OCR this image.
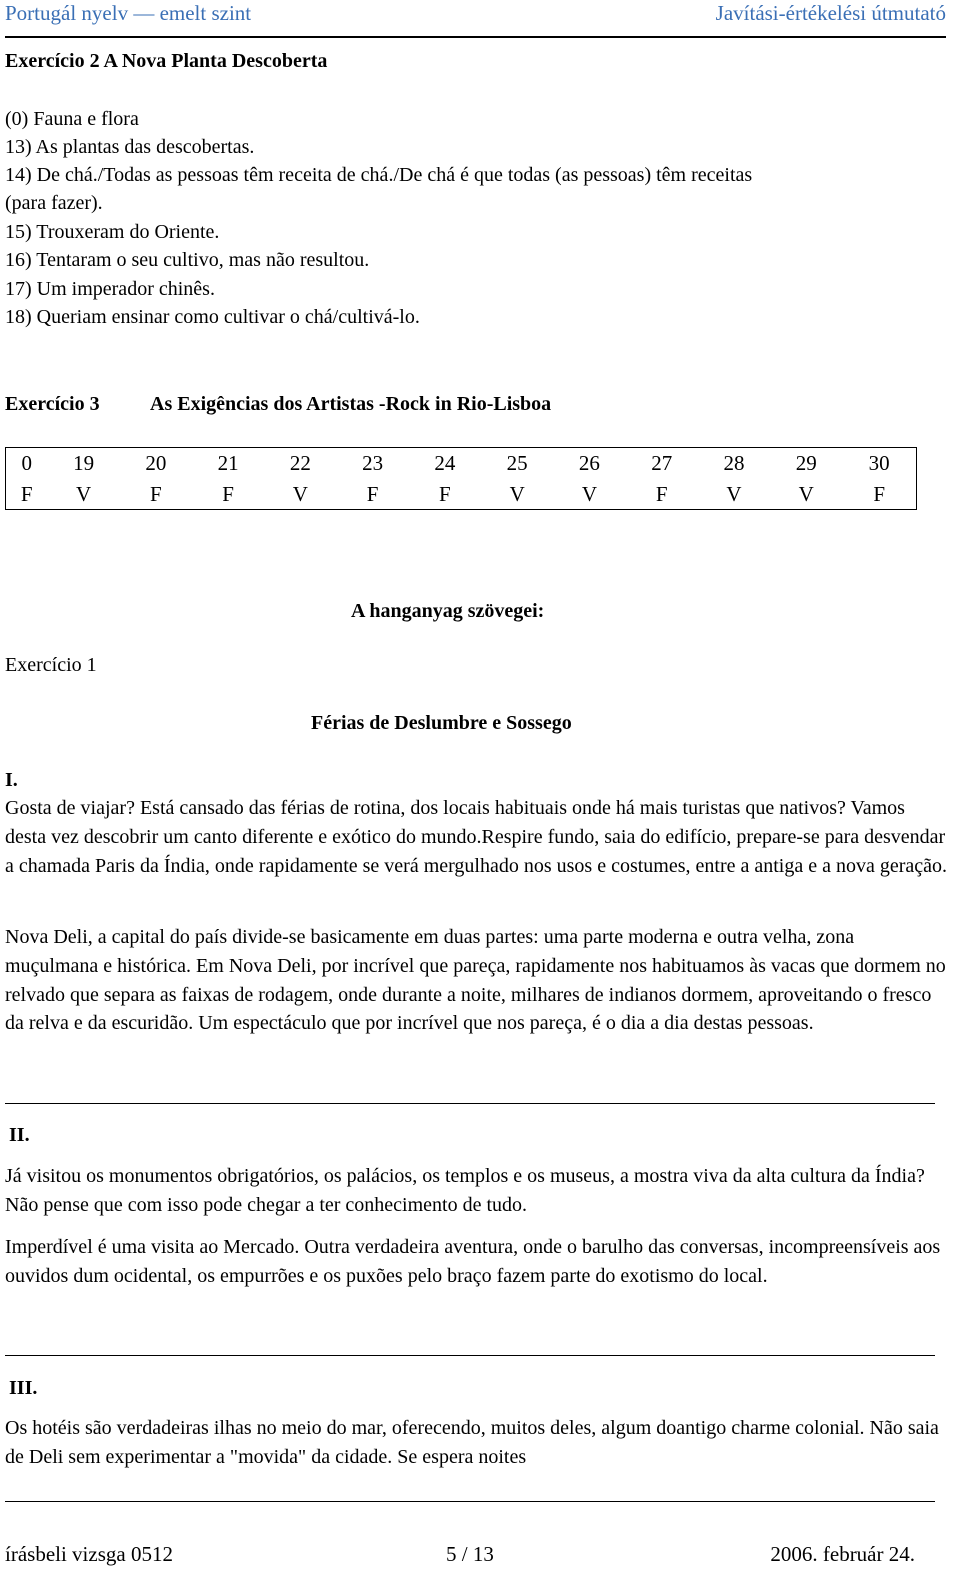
Portugál nyelv — emelt szint	Javítási-értékelési útmutató
Exercício 2 A Nova Planta Descoberta
(0) Fauna e flora
13) As plantas das descobertas.
14) De chá./Todas as pessoas têm receita de chá./De chá é que todas (as pessoas) têm receitas
(para fazer).
15) Trouxeram do Oriente.
16) Tentaram o seu cultivo, mas não resultou.
17) Um imperador chinês.
18) Queriam ensinar como cultivar o chá/cultivá-lo.
Exercício 3	As Exigências dos Artistas -Rock in Rio-Lisboa
0	19	20	21	22	23	24	25	26	27	28	29	30
F	V	F	F	V	F	F	V	V	F	V	V	F
A hanganyag szövegei:
Exercício 1
Férias de Deslumbre e Sossego
I.
Gosta de viajar? Está cansado das férias de rotina, dos locais habituais onde há mais turistas que nativos? Vamos desta vez descobrir um canto diferente e exótico do mundo.Respire fundo, saia do edifício, prepare-se para desvendar a chamada Paris da Índia, onde rapidamente se verá mergulhado nos usos e costumes, entre a antiga e a nova geração.
Nova Deli, a capital do país divide-se basicamente em duas partes: uma parte moderna e outra velha, zona muçulmana e histórica. Em Nova Deli, por incrível que pareça, rapidamente nos habituamos às vacas que dormem no relvado que separa as faixas de rodagem, onde durante a noite, milhares de indianos dormem, aproveitando o fresco da relva e da escuridão. Um espectáculo que por incrível que nos pareça, é o dia a dia destas pessoas.
II.
Já visitou os monumentos obrigatórios, os palácios, os templos e os museus, a mostra viva da alta cultura da Índia? Não pense que com isso pode chegar a ter conhecimento de tudo.
Imperdível é uma visita ao Mercado. Outra verdadeira aventura, onde o barulho das conversas, incompreensíveis aos ouvidos dum ocidental, os empurrões e os puxões pelo braço fazem parte do exotismo do local.
III.
Os hotéis são verdadeiras ilhas no meio do mar, oferecendo, muitos deles, algum doantigo charme colonial. Não saia de Deli sem experimentar a "movida" da cidade. Se espera noites
írásbeli vizsga 0512	5 / 13	2006. február 24.
